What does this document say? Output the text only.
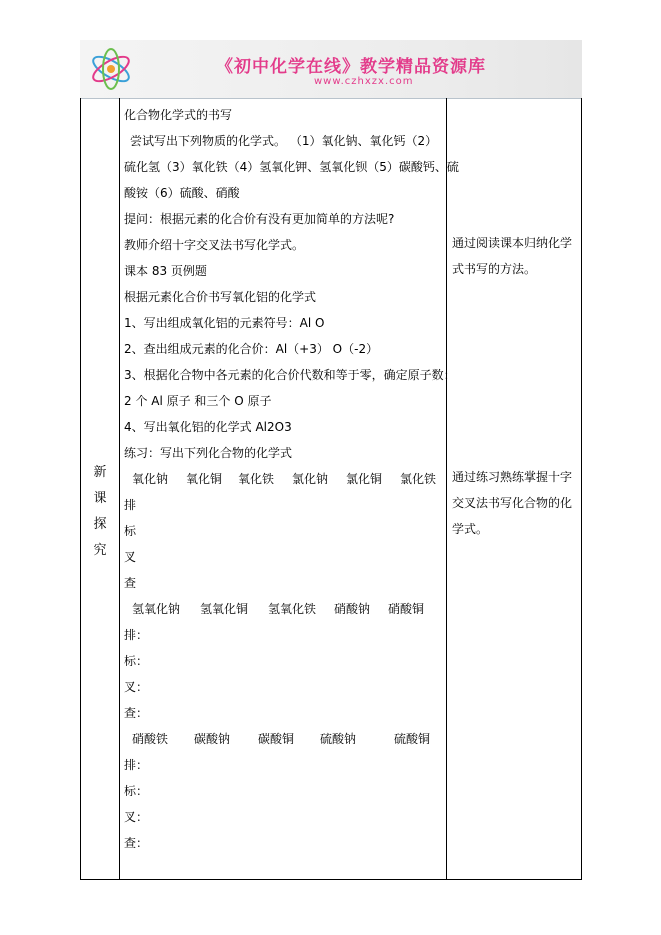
《初中化学在线》教学精品资源库
www.czhxzx.com
新
课
探
究
化合物化学式的书写
尝试写出下列物质的化学式。 （1）氧化钠、氧化钙（2）
硫化氢（3）氧化铁（4）氢氧化钾、氢氧化钡（5）碳酸钙、硫
酸铵（6）硫酸、硝酸
提问：根据元素的化合价有没有更加简单的方法呢?
教师介绍十字交叉法书写化学式。
课本 83 页例题
根据元素化合价书写氧化铝的化学式
1、写出组成氧化铝的元素符号：Al O
2、查出组成元素的化合价：Al（+3） O（-2）
3、根据化合物中各元素的化合价代数和等于零，确定原子数：
2 个 Al 原子 和三个 O 原子
4、写出氧化铝的化学式 Al2O3
练习：写出下列化合物的化学式
氧化钠 氧化铜 氧化铁 氯化钠 氯化铜 氯化铁
排
标
叉
查
氢氧化钠 氢氧化铜 氢氧化铁 硝酸钠 硝酸铜
排：
标：
叉：
查：
硝酸铁 碳酸钠 碳酸铜 硫酸钠	硫酸铜
排：
标：
叉：
查：
通过阅读课本归纳化学
式书写的方法。
通过练习熟练掌握十字
交叉法书写化合物的化
学式。
